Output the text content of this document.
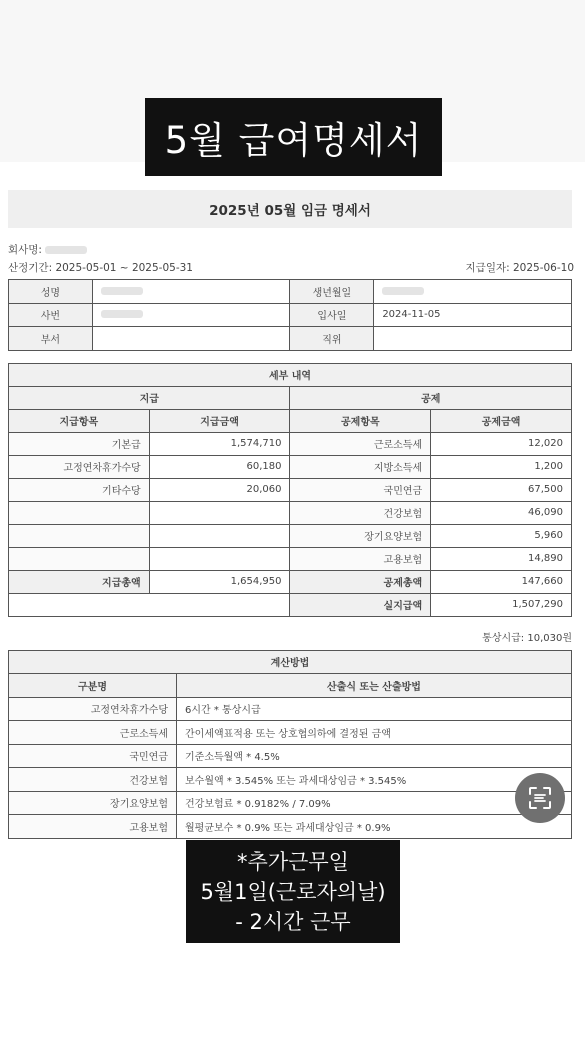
5월 급여명세서
2025년 05월 임금 명세서
회사명:
산정기간: 2025-05-01 ~ 2025-05-31	지급일자: 2025-06-10
성명		생년월일	
사번		입사일	2024-11-05
부서		직위	
세부 내역			
지급		공제	
지급항목	지급금액	공제항목	공제금액
기본급	1,574,710	근로소득세	12,020
고정연차휴가수당	60,180	지방소득세	1,200
기타수당	20,060	국민연금	67,500
		건강보험	46,090
		장기요양보험	5,960
		고용보험	14,890
지급총액	1,654,950	공제총액	147,660
		실지급액	1,507,290
통상시급: 10,030원
계산방법	
구분명	산출식 또는 산출방법
고정연차휴가수당	6시간 * 통상시급
근로소득세	간이세액표적용 또는 상호협의하에 결정된 금액
국민연금	기준소득월액 * 4.5%
건강보험	보수월액 * 3.545% 또는 과세대상임금 * 3.545%
장기요양보험	건강보험료 * 0.9182% / 7.09%
고용보험	월평균보수 * 0.9% 또는 과세대상임금 * 0.9%
*추가근무일
5월1일(근로자의날)
- 2시간 근무
